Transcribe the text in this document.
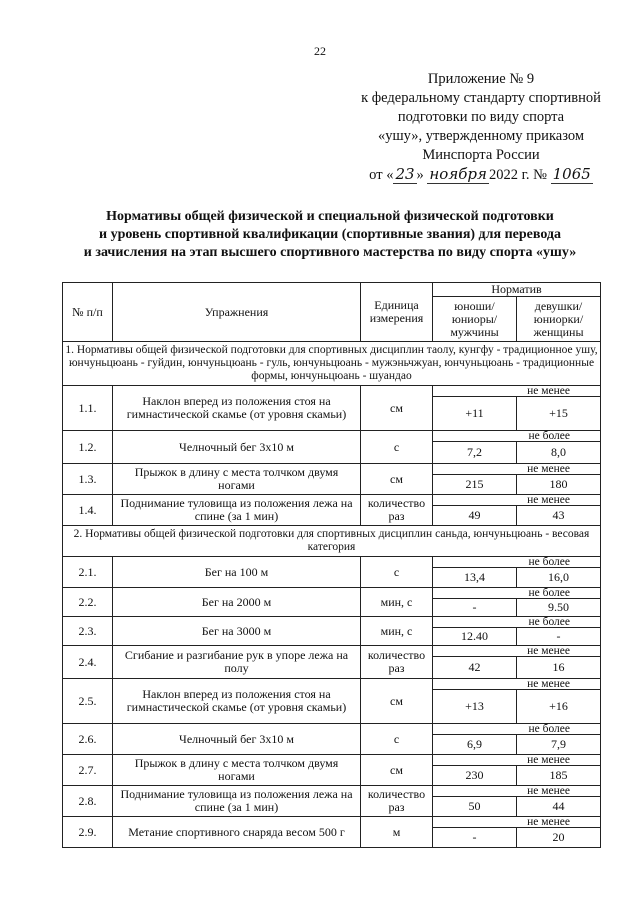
22
Приложение № 9
к федеральному стандарту спортивной
подготовки по виду спорта
«ушу», утвержденному приказом
Минспорта России
от « 23 » ноября 2022 г. № 1065
Нормативы общей физической и специальной физической подготовки
и уровень спортивной квалификации (спортивные звания) для перевода
и зачисления на этап высшего спортивного мастерства по виду спорта «ушу»
№ п/п	Упражнения	Единица измерения	Норматив	
			юноши/ юниоры/ мужчины	девушки/ юниорки/ женщины
1. Нормативы общей физической подготовки для спортивных дисциплин таолу, кунгфу - традиционное ушу, юнчуньцюань - гуйдин, юнчуньцюань - гуль, юнчуньцюань - мужэньчжуан, юнчуньцюань - традиционные формы, юнчуньцюань - шуандао				
1.1.	Наклон вперед из положения стоя на гимнастической скамье (от уровня скамьи)	см	не менее	
			+11	+15
1.2.	Челночный бег 3x10 м	с	не более	
			7,2	8,0
1.3.	Прыжок в длину с места толчком двумя ногами	см	не менее	
			215	180
1.4.	Поднимание туловища из положения лежа на спине (за 1 мин)	количество раз	не менее	
			49	43
2. Нормативы общей физической подготовки для спортивных дисциплин саньда, юнчуньцюань - весовая категория				
2.1.	Бег на 100 м	с	не более	
			13,4	16,0
2.2.	Бег на 2000 м	мин, с	не более	
			-	9.50
2.3.	Бег на 3000 м	мин, с	не более	
			12.40	-
2.4.	Сгибание и разгибание рук в упоре лежа на полу	количество раз	не менее	
			42	16
2.5.	Наклон вперед из положения стоя на гимнастической скамье (от уровня скамьи)	см	не менее	
			+13	+16
2.6.	Челночный бег 3x10 м	с	не более	
			6,9	7,9
2.7.	Прыжок в длину с места толчком двумя ногами	см	не менее	
			230	185
2.8.	Поднимание туловища из положения лежа на спине (за 1 мин)	количество раз	не менее	
			50	44
2.9.	Метание спортивного снаряда весом 500 г	м	не менее	
			-	20
